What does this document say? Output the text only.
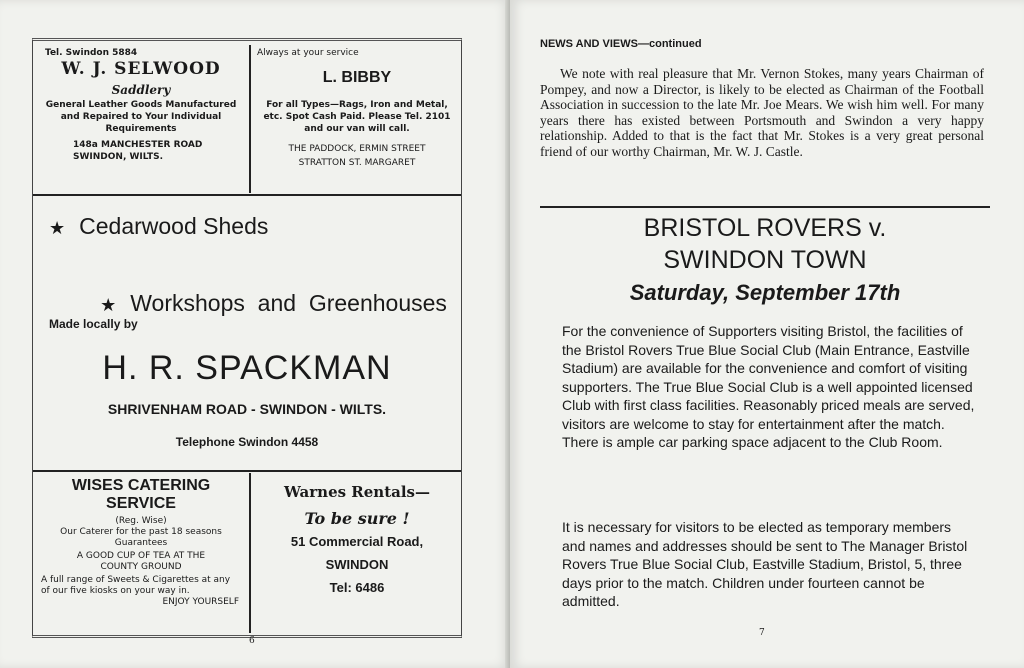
Tel. Swindon 5884
W. J. SELWOOD
Saddlery
General Leather Goods Manufactured and Repaired to Your Individual Requirements
148a MANCHESTER ROAD
SWINDON, WILTS.
Always at your service
L. BIBBY
For all Types—Rags, Iron and Metal, etc. Spot Cash Paid. Please Tel. 2101 and our van will call.
THE PADDOCK, ERMIN STREET
STRATTON ST. MARGARET
★ Cedarwood Sheds

★ Workshops  and  Greenhouses

Made locally by
H. R. SPACKMAN
SHRIVENHAM ROAD - SWINDON - WILTS.
Telephone Swindon 4458
WISES CATERING
SERVICE
(Reg. Wise)
Our Caterer for the past 18 seasons Guarantees
A GOOD CUP OF TEA AT THE COUNTY GROUND
A full range of Sweets & Cigarettes at any of our five kiosks on your way in.
ENJOY YOURSELF
Warnes Rentals—
To be sure !
51 Commercial Road,
SWINDON
Tel: 6486
6
NEWS AND VIEWS—continued
We note with real pleasure that Mr. Vernon Stokes, many years Chairman of Pompey, and now a Director, is likely to be elected as Chairman of the Football Association in succession to the late Mr. Joe Mears. We wish him well. For many years there has existed between Portsmouth and Swindon a very happy relationship. Added to that is the fact that Mr. Stokes is a very great personal friend of our worthy Chairman, Mr. W. J. Castle.
BRISTOL ROVERS v.
SWINDON TOWN
Saturday, September 17th
For the convenience of Supporters visiting Bristol, the facilities of the Bristol Rovers True Blue Social Club (Main Entrance, Eastville Stadium) are available for the convenience and comfort of visiting supporters. The True Blue Social Club is a well appointed licensed Club with first class facilities. Reasonably priced meals are served, visitors are welcome to stay for entertainment after the match. There is ample car parking space adjacent to the Club Room.
It is necessary for visitors to be elected as temporary members and names and addresses should be sent to The Manager Bristol Rovers True Blue Social Club, Eastville Stadium, Bristol, 5, three days prior to the match. Children under fourteen cannot be admitted.
7
